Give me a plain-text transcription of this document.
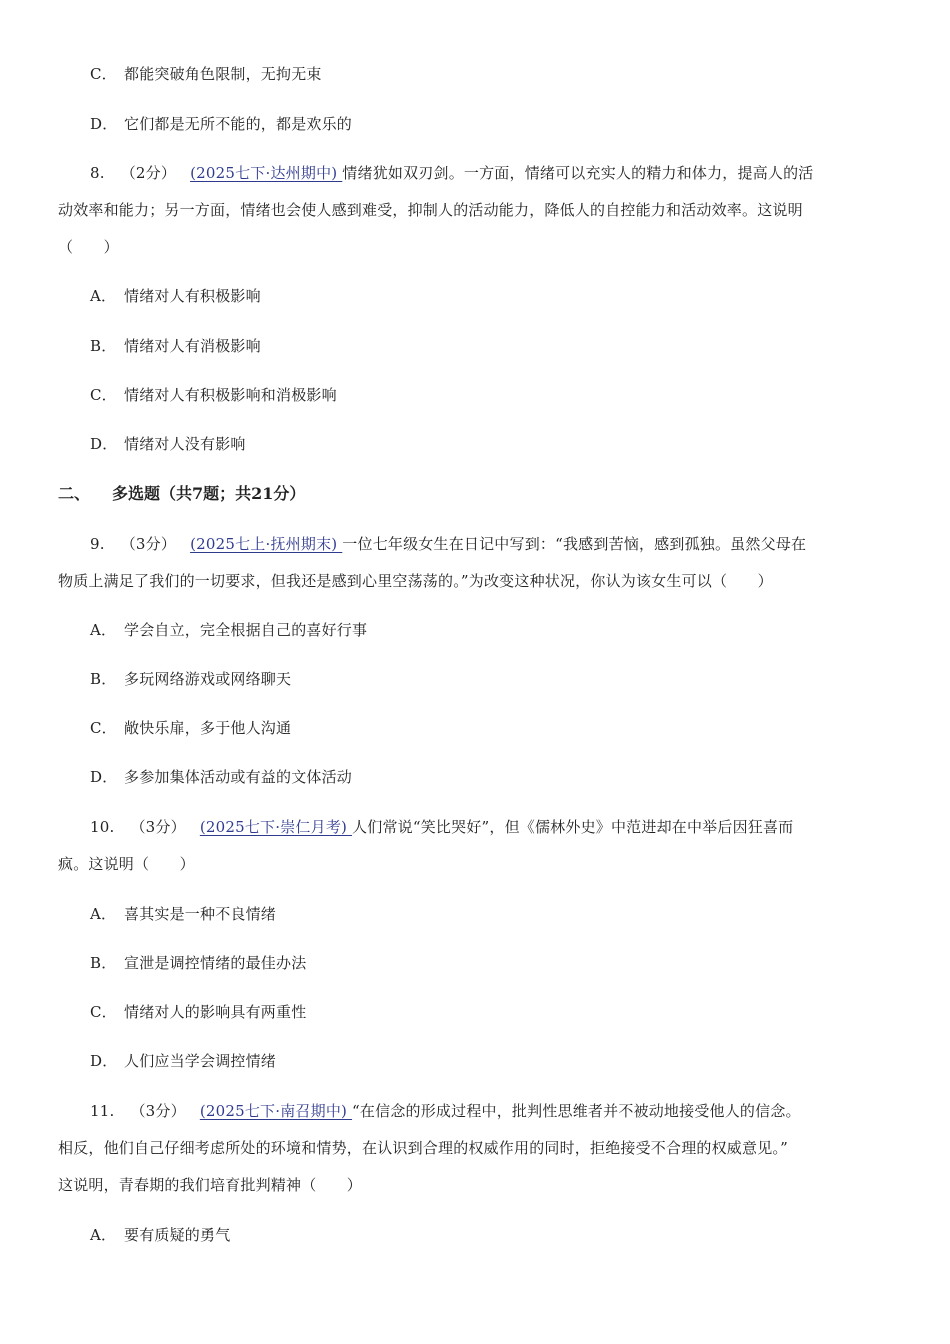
C． 都能突破角色限制，无拘无束
D． 它们都是无所不能的，都是欢乐的
8. （2分） (2025七下·达州期中) 情绪犹如双刃剑。一方面，情绪可以充实人的精力和体力，提高人的活
动效率和能力；另一方面，情绪也会使人感到难受，抑制人的活动能力，降低人的自控能力和活动效率。这说明
（　　）
A． 情绪对人有积极影响
B． 情绪对人有消极影响
C． 情绪对人有积极影响和消极影响
D． 情绪对人没有影响
二、 多选题（共7题；共21分）
9. （3分） (2025七上·抚州期末) 一位七年级女生在日记中写到：“我感到苦恼，感到孤独。虽然父母在
物质上满足了我们的一切要求，但我还是感到心里空荡荡的。”为改变这种状况，你认为该女生可以（　　）
A． 学会自立，完全根据自己的喜好行事
B． 多玩网络游戏或网络聊天
C． 敞快乐扉，多于他人沟通
D． 多参加集体活动或有益的文体活动
10. （3分） (2025七下·崇仁月考) 人们常说“笑比哭好”，但《儒林外史》中范进却在中举后因狂喜而
疯。这说明（　　）
A． 喜其实是一种不良情绪
B． 宣泄是调控情绪的最佳办法
C． 情绪对人的影响具有两重性
D． 人们应当学会调控情绪
11. （3分） (2025七下·南召期中) “在信念的形成过程中，批判性思维者并不被动地接受他人的信念。
相反，他们自己仔细考虑所处的环境和情势，在认识到合理的权威作用的同时，拒绝接受不合理的权威意见。”
这说明，青春期的我们培育批判精神（　　）
A． 要有质疑的勇气
